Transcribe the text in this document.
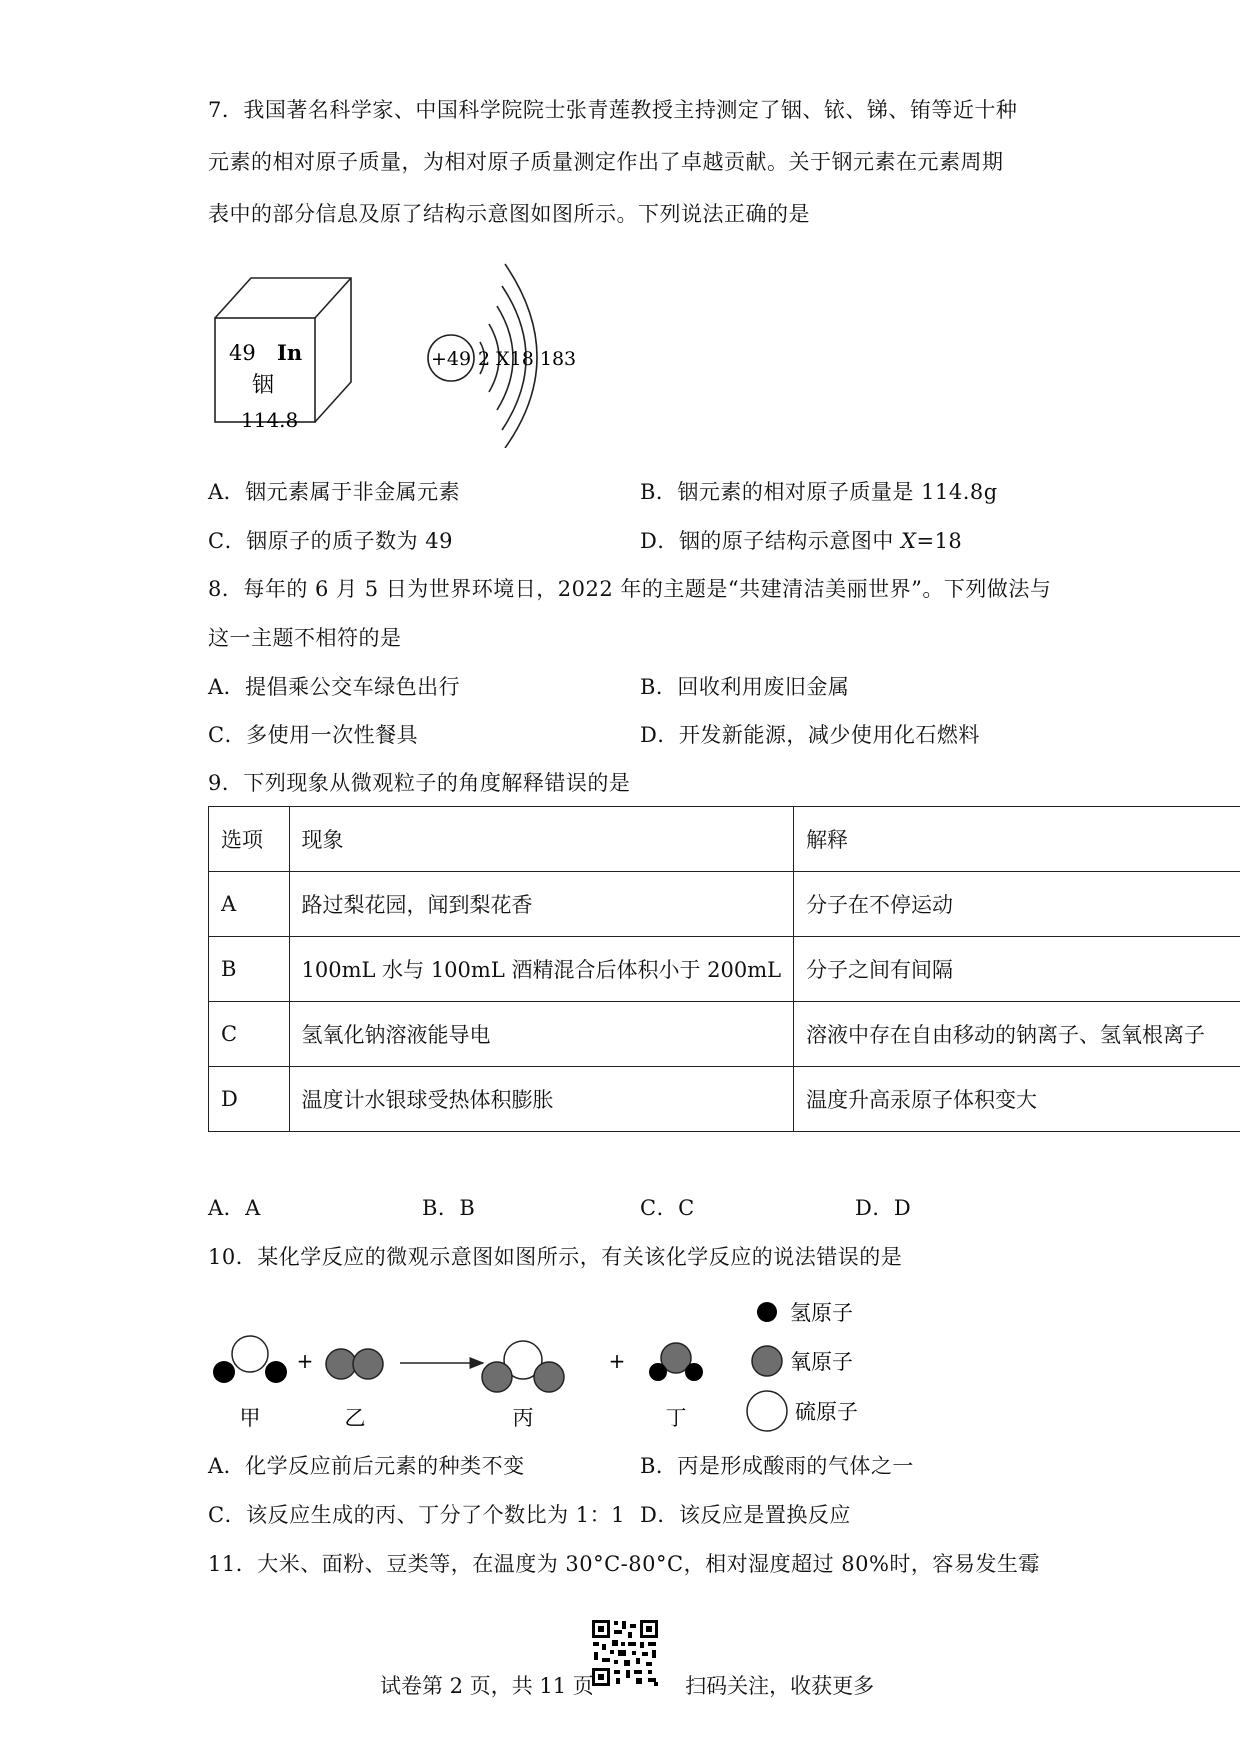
7．我国著名科学家、中国科学院院士张青莲教授主持测定了铟、铱、锑、铕等近十种
元素的相对原子质量，为相对原子质量测定作出了卓越贡献。关于钢元素在元素周期
表中的部分信息及原了结构示意图如图所示。下列说法正确的是
49 In
铟
114.8
+49 2 X18 183
A．铟元素属于非金属元素	B．铟元素的相对原子质量是 114.8g
C．铟原子的质子数为 49	D．铟的原子结构示意图中 X=18
8．每年的 6 月 5 日为世界环境日，2022 年的主题是“共建清洁美丽世界”。下列做法与
这一主题不相符的是
A．提倡乘公交车绿色出行	B．回收利用废旧金属
C．多使用一次性餐具	D．开发新能源，减少使用化石燃料
9．下列现象从微观粒子的角度解释错误的是
选项	现象	解释
A	路过梨花园，闻到梨花香	分子在不停运动
B	100mL 水与 100mL 酒精混合后体积小于 200mL	分子之间有间隔
C	氢氧化钠溶液能导电	溶液中存在自由移动的钠离子、氢氧根离子
D	温度计水银球受热体积膨胀	温度升高汞原子体积变大
A．A	B．B	C．C	D．D
10．某化学反应的微观示意图如图所示，有关该化学反应的说法错误的是
+	+
甲	乙	丙	丁
氢原子
氧原子
硫原子
A．化学反应前后元素的种类不变	B．丙是形成酸雨的气体之一
C．该反应生成的丙、丁分了个数比为 1：1 D．该反应是置换反应
11．大米、面粉、豆类等，在温度为 30°C-80°C，相对湿度超过 80%时，容易发生霉
试卷第 2 页，共 11 页	扫码关注，收获更多
